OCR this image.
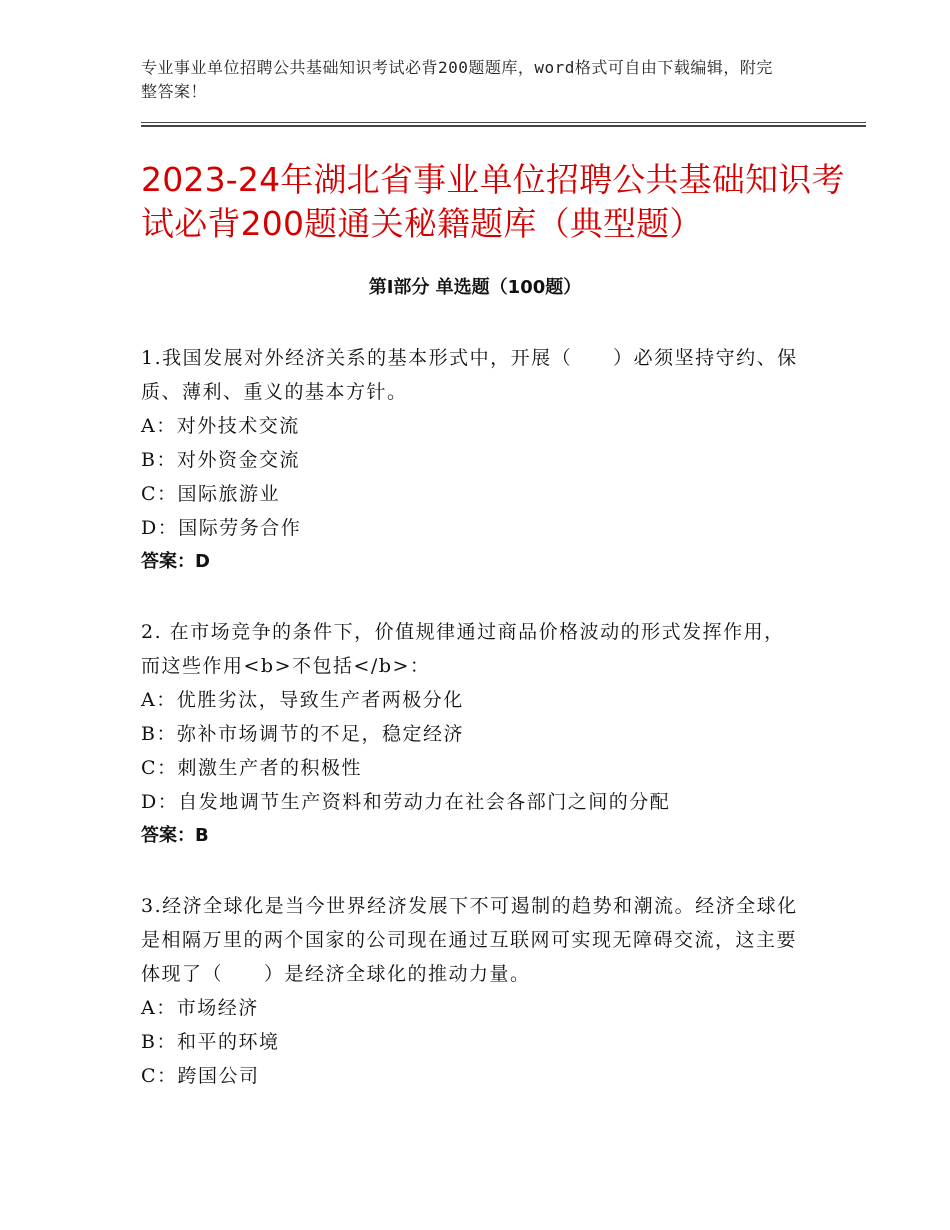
专业事业单位招聘公共基础知识考试必背200题题库，word格式可自由下载编辑，附完整答案！
2023-24年湖北省事业单位招聘公共基础知识考试必背200题通关秘籍题库（典型题）
第Ⅰ部分 单选题（100题）
1.我国发展对外经济关系的基本形式中，开展（　　）必须坚持守约、保质、薄利、重义的基本方针。
A：对外技术交流
B：对外资金交流
C：国际旅游业
D：国际劳务合作
答案：D
2. 在市场竞争的条件下，价值规律通过商品价格波动的形式发挥作用，而这些作用<b>不包括</b>：
A：优胜劣汰，导致生产者两极分化
B：弥补市场调节的不足，稳定经济
C：刺激生产者的积极性
D：自发地调节生产资料和劳动力在社会各部门之间的分配
答案：B
3.经济全球化是当今世界经济发展下不可遏制的趋势和潮流。经济全球化是相隔万里的两个国家的公司现在通过互联网可实现无障碍交流，这主要体现了（　　）是经济全球化的推动力量。
A：市场经济
B：和平的环境
C：跨国公司
